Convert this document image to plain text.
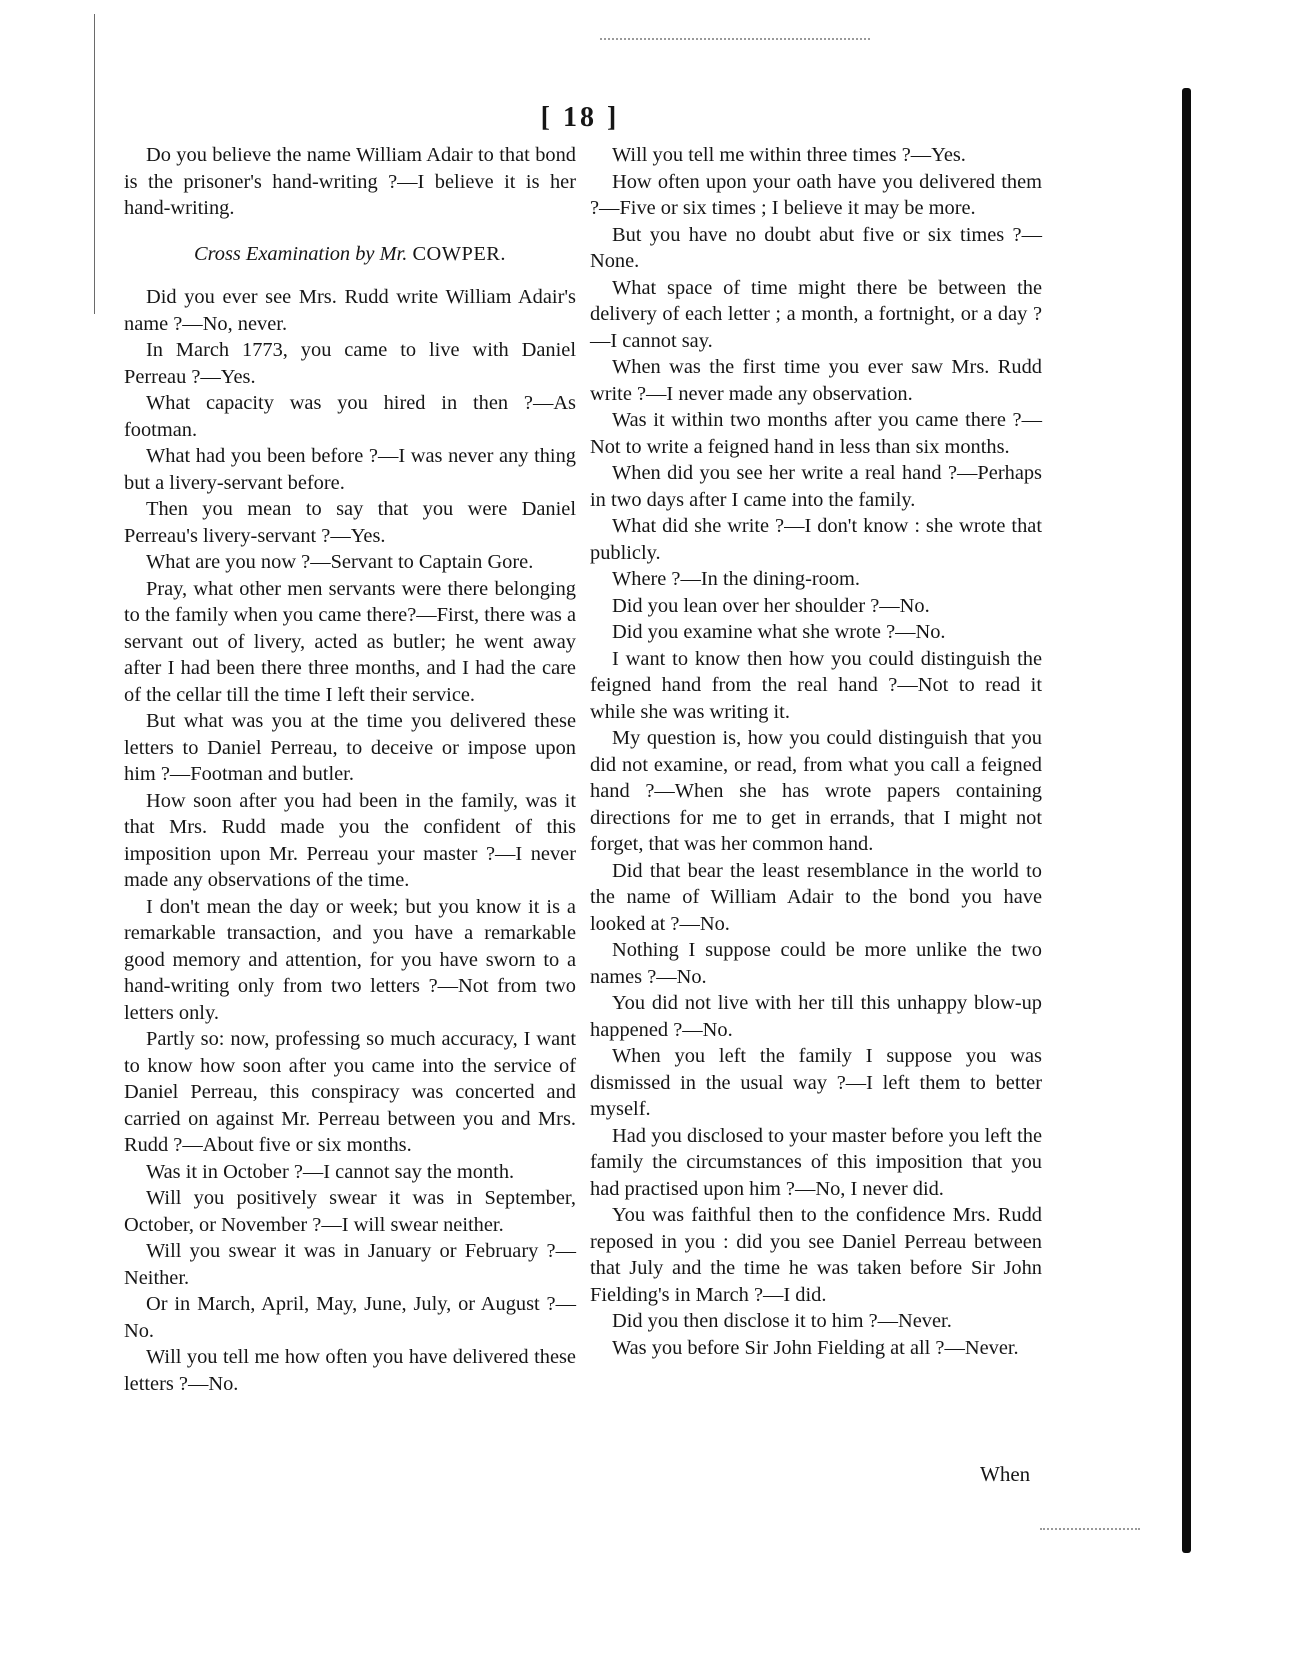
[ 18 ]

Do you believe the name William Adair to that bond is the prisoner's hand-writing ?—I believe it is her hand-writing.

Cross Examination by Mr. COWPER.

Did you ever see Mrs. Rudd write William Adair's name ?—No, never.

In March 1773, you came to live with Daniel Perreau ?—Yes.

What capacity was you hired in then ?—As footman.

What had you been before ?—I was never any thing but a livery-servant before.

Then you mean to say that you were Daniel Perreau's livery-servant ?—Yes.

What are you now ?—Servant to Captain Gore.

Pray, what other men servants were there belonging to the family when you came there?—First, there was a servant out of livery, acted as butler; he went away after I had been there three months, and I had the care of the cellar till the time I left their service.

But what was you at the time you delivered these letters to Daniel Perreau, to deceive or impose upon him ?—Footman and butler.

How soon after you had been in the family, was it that Mrs. Rudd made you the confident of this imposition upon Mr. Perreau your master ?—I never made any observations of the time.

I don't mean the day or week; but you know it is a remarkable transaction, and you have a remarkable good memory and attention, for you have sworn to a hand-writing only from two letters ?—Not from two letters only.

Partly so: now, professing so much accuracy, I want to know how soon after you came into the service of Daniel Perreau, this conspiracy was concerted and carried on against Mr. Perreau between you and Mrs. Rudd ?—About five or six months.

Was it in October ?—I cannot say the month.

Will you positively swear it was in September, October, or November ?—I will swear neither.

Will you swear it was in January or February ?—Neither.

Or in March, April, May, June, July, or August ?—No.

Will you tell me how often you have delivered these letters ?—No.

Will you tell me within three times ?—Yes.

How often upon your oath have you delivered them ?—Five or six times ; I believe it may be more.

But you have no doubt abut five or six times ?—None.

What space of time might there be between the delivery of each letter ; a month, a fortnight, or a day ?—I cannot say.

When was the first time you ever saw Mrs. Rudd write ?—I never made any observation.

Was it within two months after you came there ?—Not to write a feigned hand in less than six months.

When did you see her write a real hand ?—Perhaps in two days after I came into the family.

What did she write ?—I don't know : she wrote that publicly.

Where ?—In the dining-room.

Did you lean over her shoulder ?—No.

Did you examine what she wrote ?—No.

I want to know then how you could distinguish the feigned hand from the real hand ?—Not to read it while she was writing it.

My question is, how you could distinguish that you did not examine, or read, from what you call a feigned hand ?—When she has wrote papers containing directions for me to get in errands, that I might not forget, that was her common hand.

Did that bear the least resemblance in the world to the name of William Adair to the bond you have looked at ?—No.

Nothing I suppose could be more unlike the two names ?—No.

You did not live with her till this unhappy blow-up happened ?—No.

When you left the family I suppose you was dismissed in the usual way ?—I left them to better myself.

Had you disclosed to your master before you left the family the circumstances of this imposition that you had practised upon him ?—No, I never did.

You was faithful then to the confidence Mrs. Rudd reposed in you : did you see Daniel Perreau between that July and the time he was taken before Sir John Fielding's in March ?—I did.

Did you then disclose it to him ?—Never.

Was you before Sir John Fielding at all ?—Never.

When
